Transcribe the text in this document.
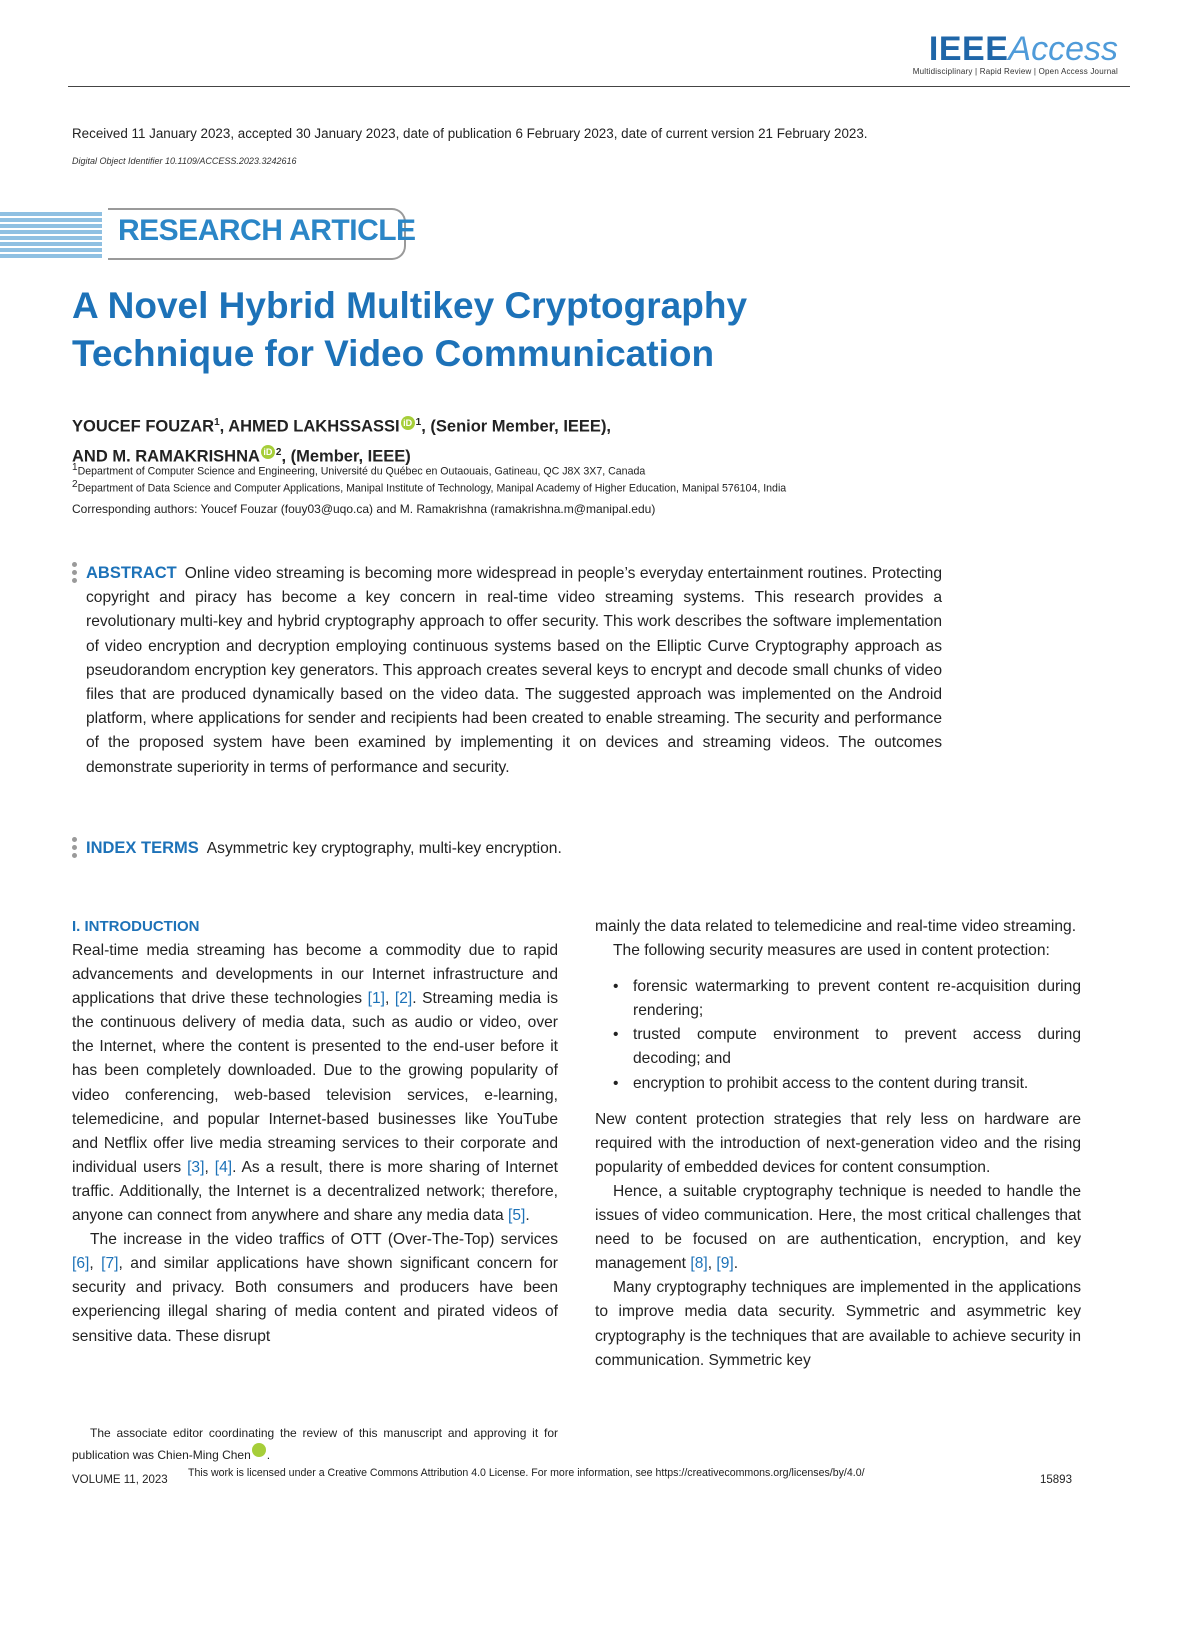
IEEEAccess
Multidisciplinary | Rapid Review | Open Access Journal
Received 11 January 2023, accepted 30 January 2023, date of publication 6 February 2023, date of current version 21 February 2023.
Digital Object Identifier 10.1109/ACCESS.2023.3242616
RESEARCH ARTICLE
A Novel Hybrid Multikey Cryptography
Technique for Video Communication
YOUCEF FOUZAR$^1$, AHMED LAKHSSASSI iD $^1$, (Senior Member, IEEE),
AND M. RAMAKRISHNA iD $^2$, (Member, IEEE)
$^1$Department of Computer Science and Engineering, Université du Québec en Outaouais, Gatineau, QC J8X 3X7, Canada
$^2$Department of Data Science and Computer Applications, Manipal Institute of Technology, Manipal Academy of Higher Education, Manipal 576104, India
Corresponding authors: Youcef Fouzar (fouy03@uqo.ca) and M. Ramakrishna (ramakrishna.m@manipal.edu)
ABSTRACT Online video streaming is becoming more widespread in people’s everyday entertainment routines. Protecting copyright and piracy has become a key concern in real-time video streaming systems. This research provides a revolutionary multi-key and hybrid cryptography approach to offer security. This work describes the software implementation of video encryption and decryption employing continuous systems based on the Elliptic Curve Cryptography approach as pseudorandom encryption key generators. This approach creates several keys to encrypt and decode small chunks of video files that are produced dynamically based on the video data. The suggested approach was implemented on the Android platform, where applications for sender and recipients had been created to enable streaming. The security and performance of the proposed system have been examined by implementing it on devices and streaming videos. The outcomes demonstrate superiority in terms of performance and security.
INDEX TERMS Asymmetric key cryptography, multi-key encryption.
I. INTRODUCTION

Real-time media streaming has become a commodity due to rapid advancements and developments in our Internet infrastructure and applications that drive these technologies [1], [2]. Streaming media is the continuous delivery of media data, such as audio or video, over the Internet, where the content is presented to the end-user before it has been completely downloaded. Due to the growing popularity of video conferencing, web-based television services, e-learning, telemedicine, and popular Internet-based businesses like YouTube and Netflix offer live media streaming services to their corporate and individual users [3], [4]. As a result, there is more sharing of Internet traffic. Additionally, the Internet is a decentralized network; therefore, anyone can connect from anywhere and share any media data [5].

The increase in the video traffics of OTT (Over-The-Top) services [6], [7], and similar applications have shown significant concern for security and privacy. Both consumers and producers have been experiencing illegal sharing of media content and pirated videos of sensitive data. These disrupt

mainly the data related to telemedicine and real-time video streaming.

The following security measures are used in content protection:

• forensic watermarking to prevent content re-acquisition during rendering;
• trusted compute environment to prevent access during decoding; and
• encryption to prohibit access to the content during transit.

New content protection strategies that rely less on hardware are required with the introduction of next-generation video and the rising popularity of embedded devices for content consumption.

Hence, a suitable cryptography technique is needed to handle the issues of video communication. Here, the most critical challenges that need to be focused on are authentication, encryption, and key management [8], [9].

Many cryptography techniques are implemented in the applications to improve media data security. Symmetric and asymmetric key cryptography is the techniques that are available to achieve security in communication. Symmetric key

The associate editor coordinating the review of this manuscript and approving it for publication was Chien-Ming Chen iD.
VOLUME 11, 2023
This work is licensed under a Creative Commons Attribution 4.0 License. For more information, see https://creativecommons.org/licenses/by/4.0/
15893
